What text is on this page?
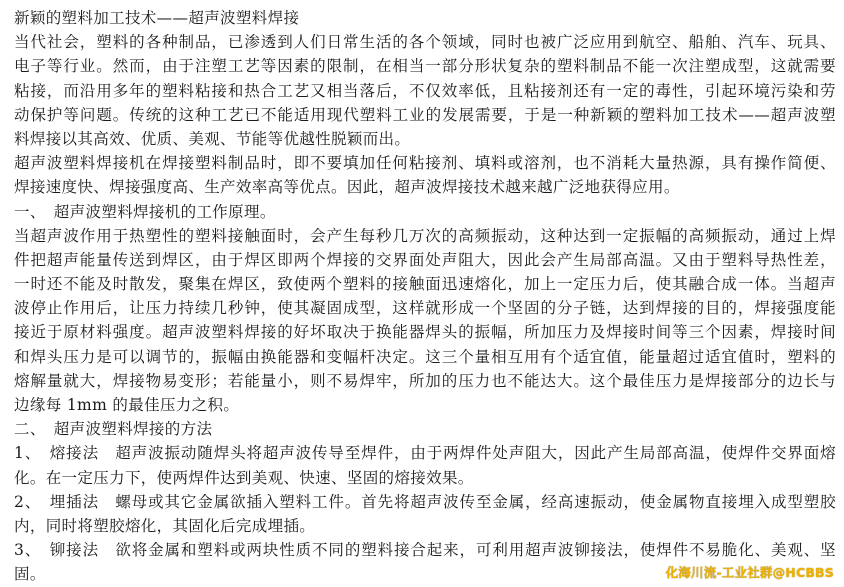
新颖的塑料加工技术——超声波塑料焊接
当代社会，塑料的各种制品，已渗透到人们日常生活的各个领域，同时也被广泛应用到航空、船舶、汽车、玩具、
电子等行业。然而，由于注塑工艺等因素的限制，在相当一部分形状复杂的塑料制品不能一次注塑成型，这就需要
粘接，而沿用多年的塑料粘接和热合工艺又相当落后，不仅效率低，且粘接剂还有一定的毒性，引起环境污染和劳
动保护等问题。传统的这种工艺已不能适用现代塑料工业的发展需要，于是一种新颖的塑料加工技术——超声波塑
料焊接以其高效、优质、美观、节能等优越性脱颖而出。
超声波塑料焊接机在焊接塑料制品时，即不要填加任何粘接剂、填料或溶剂，也不消耗大量热源，具有操作简便、
焊接速度快、焊接强度高、生产效率高等优点。因此，超声波焊接技术越来越广泛地获得应用。
一、　超声波塑料焊接机的工作原理。
当超声波作用于热塑性的塑料接触面时，会产生每秒几万次的高频振动，这种达到一定振幅的高频振动，通过上焊
件把超声能量传送到焊区，由于焊区即两个焊接的交界面处声阻大，因此会产生局部高温。又由于塑料导热性差，
一时还不能及时散发，聚集在焊区，致使两个塑料的接触面迅速熔化，加上一定压力后，使其融合成一体。当超声
波停止作用后，让压力持续几秒钟，使其凝固成型，这样就形成一个坚固的分子链，达到焊接的目的，焊接强度能
接近于原材料强度。超声波塑料焊接的好坏取决于换能器焊头的振幅，所加压力及焊接时间等三个因素，焊接时间
和焊头压力是可以调节的，振幅由换能器和变幅杆决定。这三个量相互用有个适宜值，能量超过适宜值时，塑料的
熔解量就大，焊接物易变形；若能量小，则不易焊牢，所加的压力也不能达大。这个最佳压力是焊接部分的边长与
边缘每 1mm 的最佳压力之积。
二、　超声波塑料焊接的方法
1、　熔接法　超声波振动随焊头将超声波传导至焊件，由于两焊件处声阻大，因此产生局部高温，使焊件交界面熔
化。在一定压力下，使两焊件达到美观、快速、坚固的熔接效果。
2、　埋插法　螺母或其它金属欲插入塑料工件。首先将超声波传至金属，经高速振动，使金属物直接埋入成型塑胶
内，同时将塑胶熔化，其固化后完成埋插。
3、　铆接法　欲将金属和塑料或两块性质不同的塑料接合起来，可利用超声波铆接法，使焊件不易脆化、美观、坚
固。	化海川流-工业社群@HCBBS
